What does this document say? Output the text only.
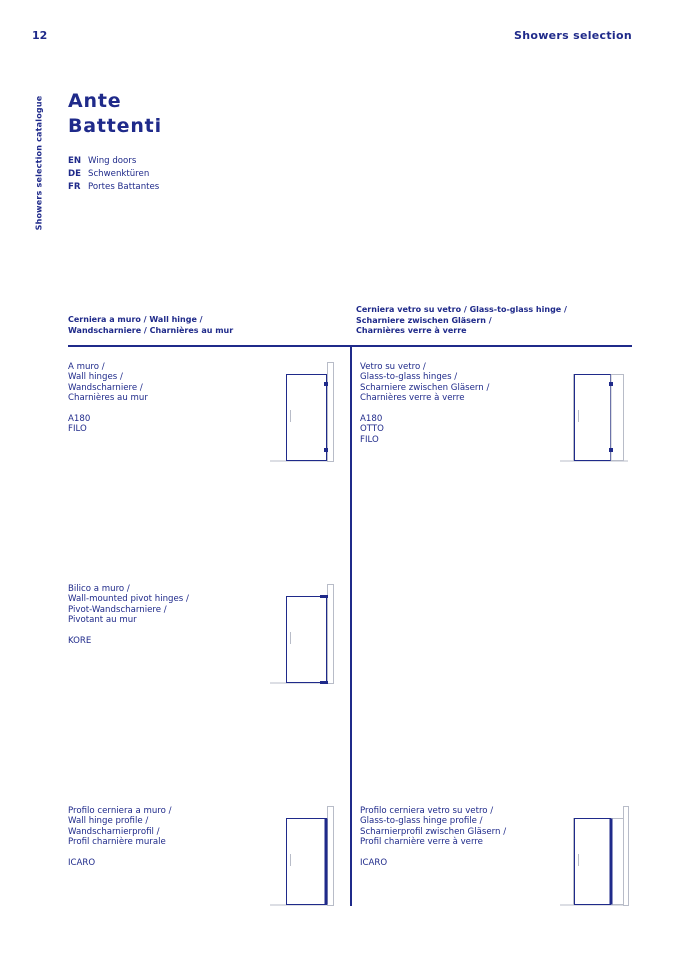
12	Showers selection
Showers selection catalogue Ante
Battenti
EN Wing doors
DE Schwenktüren
FR Portes Battantes
Cerniera a muro / Wall hinge /
Wandscharniere / Charnières au mur
Cerniera vetro su vetro / Glass-to-glass hinge /
Scharniere zwischen Gläsern /
Charnières verre à verre
A muro /
Wall hinges /
Wandscharniere /
Charnières au mur
A180
FILO
Vetro su vetro /
Glass-to-glass hinges /
Scharniere zwischen Gläsern /
Charnières verre à verre
A180
OTTO
FILO
Bilico a muro /
Wall-mounted pivot hinges /
Pivot-Wandscharniere /
Pivotant au mur
KORE
Profilo cerniera a muro /
Wall hinge profile /
Wandscharnierprofil /
Profil charnière murale
ICARO
Profilo cerniera vetro su vetro /
Glass-to-glass hinge profile /
Scharnierprofil zwischen Gläsern /
Profil charnière verre à verre
ICARO
